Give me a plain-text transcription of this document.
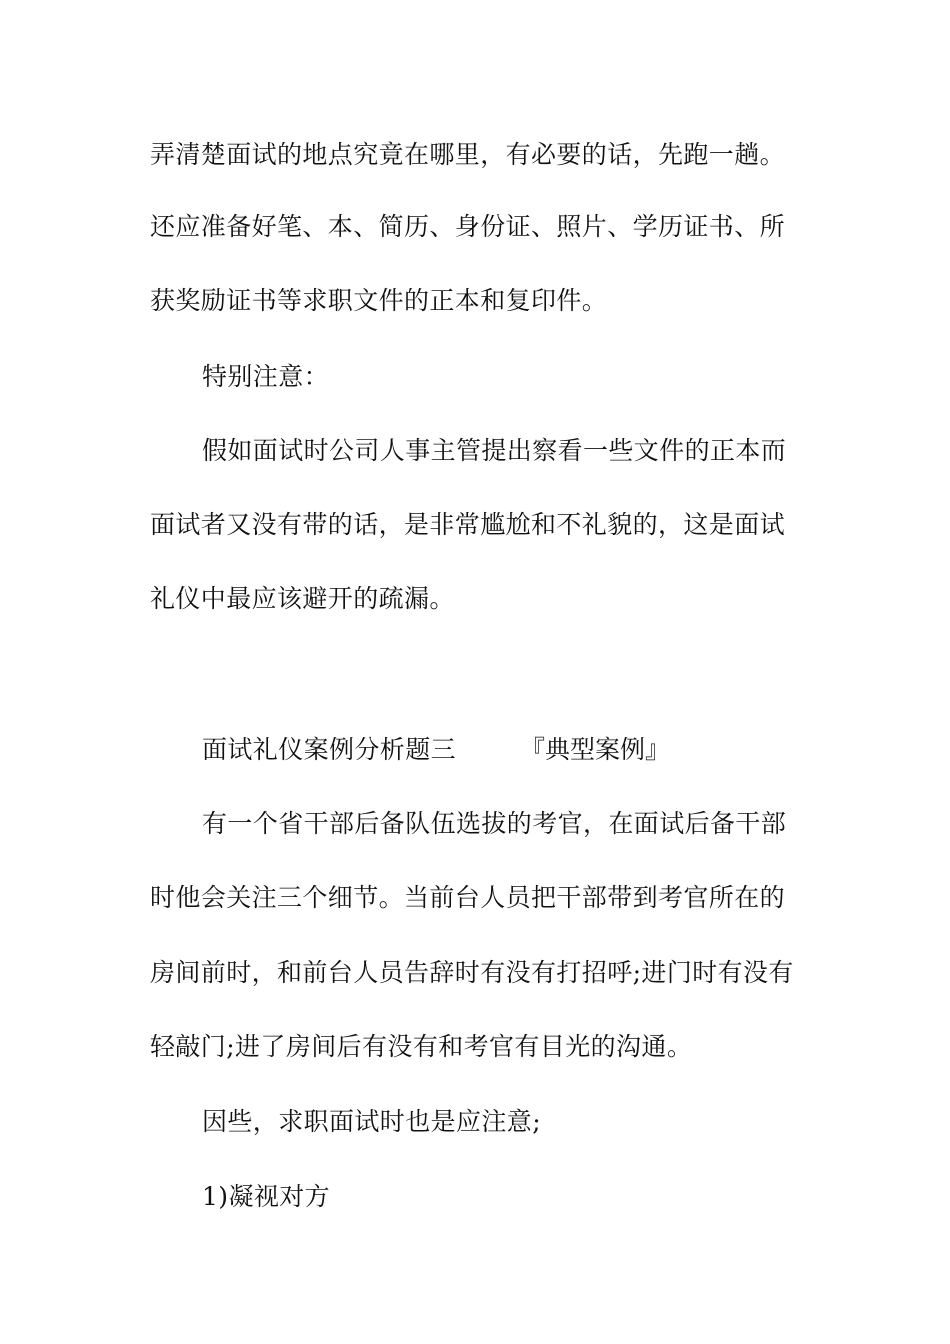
弄清楚面试的地点究竟在哪里，有必要的话，先跑一趟。
还应准备好笔、本、简历、身份证、照片、学历证书、所
获奖励证书等求职文件的正本和复印件。
特别注意：
假如面试时公司人事主管提出察看一些文件的正本而
面试者又没有带的话，是非常尴尬和不礼貌的，这是面试
礼仪中最应该避开的疏漏。
面试礼仪案例分析题三	『典型案例』
有一个省干部后备队伍选拔的考官，在面试后备干部
时他会关注三个细节。当前台人员把干部带到考官所在的
房间前时，和前台人员告辞时有没有打招呼;进门时有没有
轻敲门;进了房间后有没有和考官有目光的沟通。
因些，求职面试时也是应注意;
1)凝视对方
